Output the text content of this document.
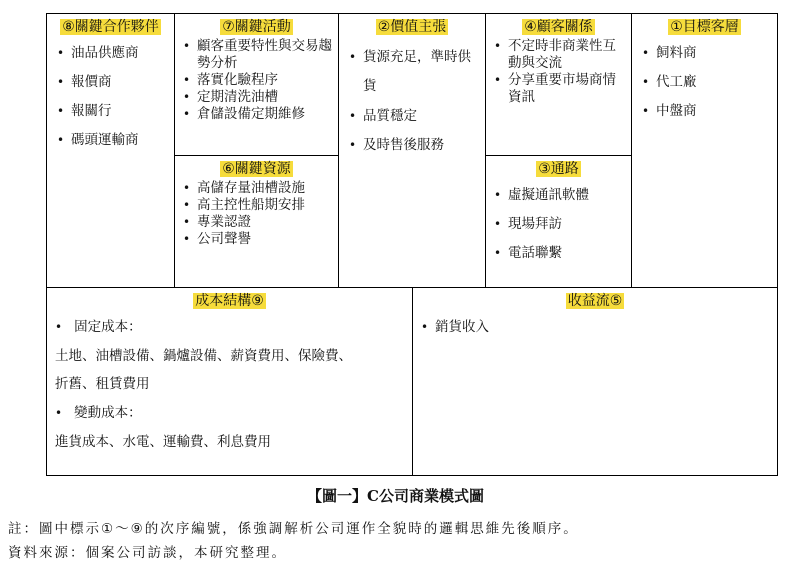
⑧關鍵合作夥伴
• 油品供應商
• 報價商
• 報關行
• 碼頭運輸商
⑦關鍵活動
• 顧客重要特性與交易趨勢分析
• 落實化驗程序
• 定期清洗油槽
• 倉儲設備定期維修
⑥關鍵資源
• 高儲存量油槽設施
• 高主控性船期安排
• 專業認證
• 公司聲譽
②價值主張
• 貨源充足，準時供貨
• 品質穩定
• 及時售後服務
④顧客關係
• 不定時非商業性互動與交流
• 分享重要市場商情資訊
③通路
• 虛擬通訊軟體
• 現場拜訪
• 電話聯繫
①目標客層
• 飼料商
• 代工廠
• 中盤商
成本結構⑨
• 固定成本：
土地、油槽設備、鍋爐設備、薪資費用、保險費、
折舊、租賃費用
• 變動成本：
進貨成本、水電、運輸費、利息費用
收益流⑤
• 銷貨收入
【圖一】C公司商業模式圖
註：圖中標示①～⑨的次序編號，係強調解析公司運作全貌時的邏輯思維先後順序。
資料來源：個案公司訪談，本研究整理。
